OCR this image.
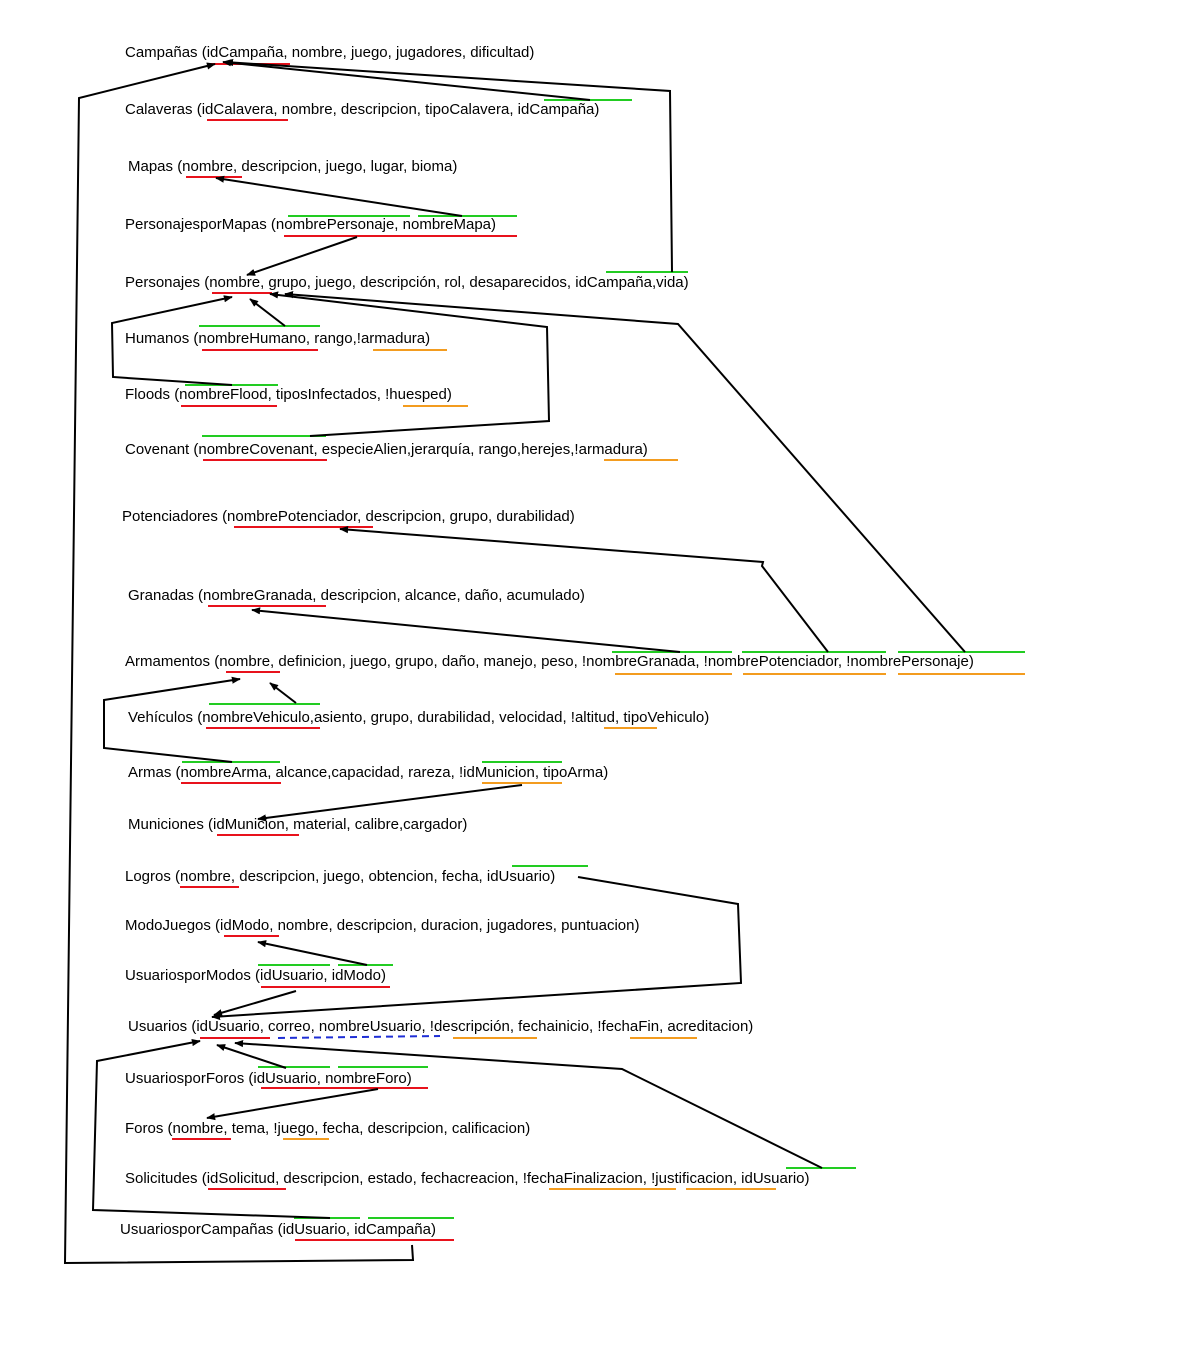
Campañas (idCampaña, nombre, juego, jugadores, dificultad)
Calaveras (idCalavera, nombre, descripcion, tipoCalavera, idCampaña)
Mapas (nombre, descripcion, juego, lugar, bioma)
PersonajesporMapas (nombrePersonaje, nombreMapa)
Personajes (nombre, grupo, juego, descripción, rol, desaparecidos, idCampaña,vida)
Humanos (nombreHumano, rango,!armadura)
Floods (nombreFlood, tiposInfectados, !huesped)
Covenant (nombreCovenant, especieAlien,jerarquía, rango,herejes,!armadura)
Potenciadores (nombrePotenciador, descripcion, grupo, durabilidad)
Granadas (nombreGranada, descripcion, alcance, daño, acumulado)
Armamentos (nombre, definicion, juego, grupo, daño, manejo, peso, !nombreGranada, !nombrePotenciador, !nombrePersonaje)
Vehículos (nombreVehiculo,asiento, grupo, durabilidad, velocidad, !altitud, tipoVehiculo)
Armas (nombreArma, alcance,capacidad, rareza, !idMunicion, tipoArma)
Municiones (idMunicion, material, calibre,cargador)
Logros (nombre, descripcion, juego, obtencion, fecha, idUsuario)
ModoJuegos (idModo, nombre, descripcion, duracion, jugadores, puntuacion)
UsuariosporModos (idUsuario, idModo)
Usuarios (idUsuario, correo, nombreUsuario, !descripción, fechainicio, !fechaFin, acreditacion)
UsuariosporForos (idUsuario, nombreForo)
Foros (nombre, tema, !juego, fecha, descripcion, calificacion)
Solicitudes (idSolicitud, descripcion, estado, fechacreacion, !fechaFinalizacion, !justificacion, idUsuario)
UsuariosporCampañas (idUsuario, idCampaña)
